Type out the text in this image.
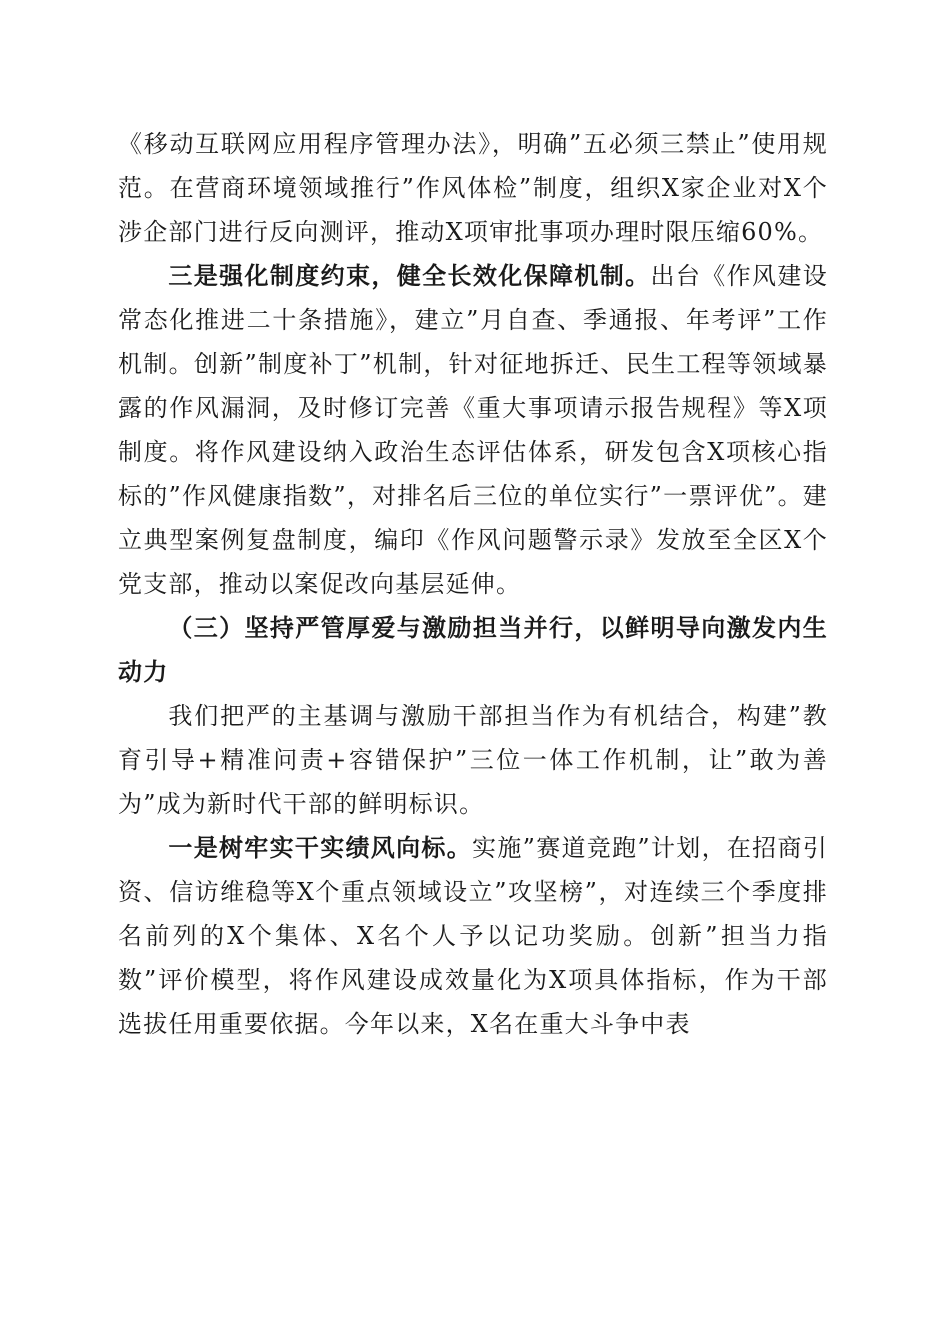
《移动互联网应用程序管理办法》，明确”五必须三禁止”使用规范。在营商环境领域推行”作风体检”制度，组织X家企业对X个涉企部门进行反向测评，推动X项审批事项办理时限压缩60%。

三是强化制度约束，健全长效化保障机制。出台《作风建设常态化推进二十条措施》，建立”月自查、季通报、年考评”工作机制。创新”制度补丁”机制，针对征地拆迁、民生工程等领域暴露的作风漏洞，及时修订完善《重大事项请示报告规程》等X项制度。将作风建设纳入政治生态评估体系，研发包含X项核心指标的”作风健康指数”，对排名后三位的单位实行”一票评优”。建立典型案例复盘制度，编印《作风问题警示录》发放至全区X个党支部，推动以案促改向基层延伸。

（三）坚持严管厚爱与激励担当并行，以鲜明导向激发内生动力

我们把严的主基调与激励干部担当作为有机结合，构建”教育引导+精准问责+容错保护”三位一体工作机制，让”敢为善为”成为新时代干部的鲜明标识。

一是树牢实干实绩风向标。实施”赛道竞跑”计划，在招商引资、信访维稳等X个重点领域设立”攻坚榜”，对连续三个季度排名前列的X个集体、X名个人予以记功奖励。创新”担当力指数”评价模型，将作风建设成效量化为X项具体指标，作为干部选拔任用重要依据。今年以来，X名在重大斗争中表
